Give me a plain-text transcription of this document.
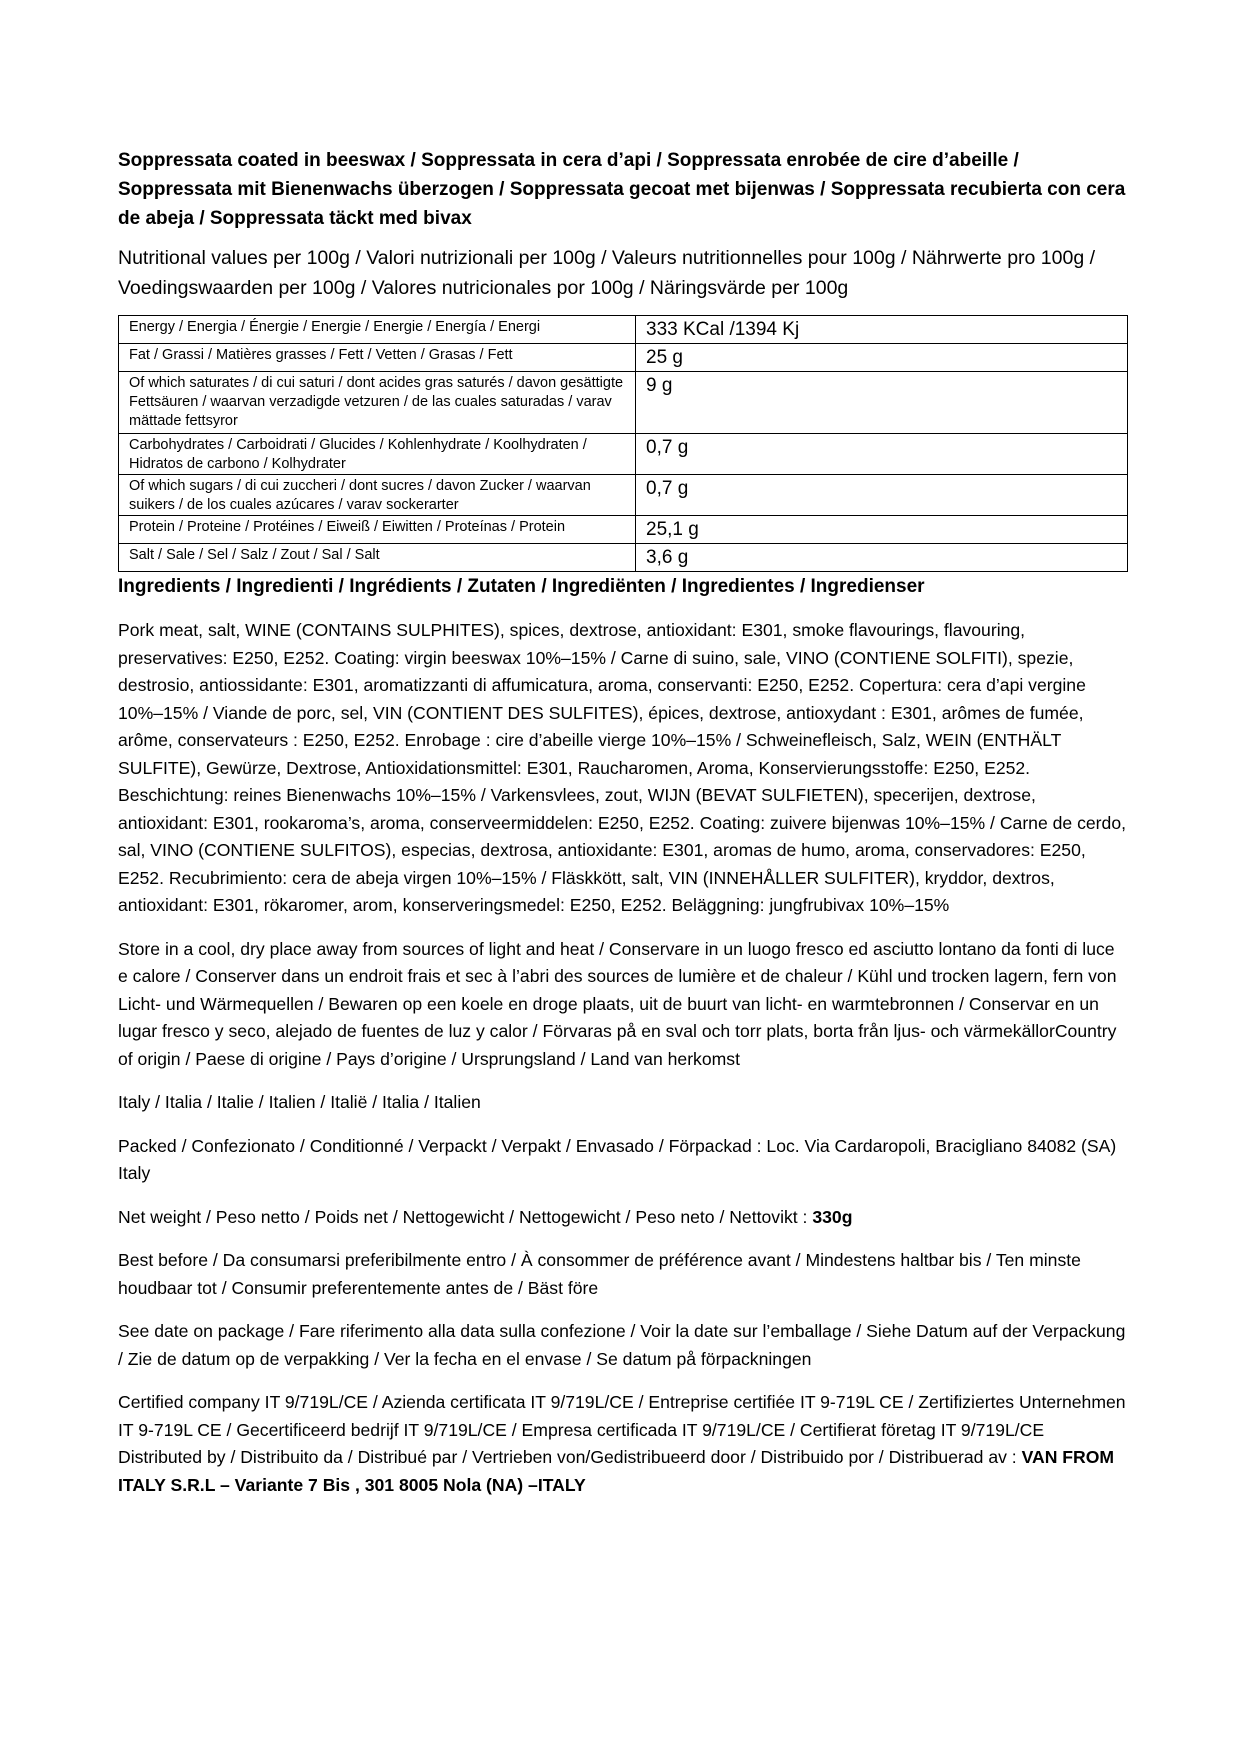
Soppressata coated in beeswax / Soppressata in cera d’api / Soppressata enrobée de cire d’abeille / Soppressata mit Bienenwachs überzogen / Soppressata gecoat met bijenwas / Soppressata recubierta con cera de abeja / Soppressata täckt med bivax
Nutritional values per 100g / Valori nutrizionali per 100g / Valeurs nutritionnelles pour 100g / Nährwerte pro 100g / Voedingswaarden per 100g / Valores nutricionales por 100g / Näringsvärde per 100g
Energy / Energia / Énergie / Energie / Energie / Energía / Energi	333 KCal /1394 Kj
Fat / Grassi / Matières grasses / Fett / Vetten / Grasas / Fett	25 g
Of which saturates / di cui saturi / dont acides gras saturés / davon gesättigte Fettsäuren / waarvan verzadigde vetzuren / de las cuales saturadas / varav mättade fettsyror	9 g
Carbohydrates / Carboidrati / Glucides / Kohlenhydrate / Koolhydraten / Hidratos de carbono / Kolhydrater	0,7 g
Of which sugars / di cui zuccheri / dont sucres / davon Zucker / waarvan suikers / de los cuales azúcares / varav sockerarter	0,7 g
Protein / Proteine / Protéines / Eiweiß / Eiwitten / Proteínas / Protein	25,1 g
Salt / Sale / Sel / Salz / Zout / Sal / Salt	3,6 g
Ingredients / Ingredienti / Ingrédients / Zutaten / Ingrediënten / Ingredientes / Ingredienser

Pork meat, salt, WINE (CONTAINS SULPHITES), spices, dextrose, antioxidant: E301, smoke flavourings, flavouring, preservatives: E250, E252. Coating: virgin beeswax 10%–15% / Carne di suino, sale, VINO (CONTIENE SOLFITI), spezie, destrosio, antiossidante: E301, aromatizzanti di affumicatura, aroma, conservanti: E250, E252. Copertura: cera d’api vergine 10%–15% / Viande de porc, sel, VIN (CONTIENT DES SULFITES), épices, dextrose, antioxydant : E301, arômes de fumée, arôme, conservateurs : E250, E252. Enrobage : cire d’abeille vierge 10%–15% / Schweinefleisch, Salz, WEIN (ENTHÄLT SULFITE), Gewürze, Dextrose, Antioxidationsmittel: E301, Raucharomen, Aroma, Konservierungsstoffe: E250, E252. Beschichtung: reines Bienenwachs 10%–15% / Varkensvlees, zout, WIJN (BEVAT SULFIETEN), specerijen, dextrose, antioxidant: E301, rookaroma’s, aroma, conserveermiddelen: E250, E252. Coating: zuivere bijenwas 10%–15% / Carne de cerdo, sal, VINO (CONTIENE SULFITOS), especias, dextrosa, antioxidante: E301, aromas de humo, aroma, conservadores: E250, E252. Recubrimiento: cera de abeja virgen 10%–15% / Fläskkött, salt, VIN (INNEHÅLLER SULFITER), kryddor, dextros, antioxidant: E301, rökaromer, arom, konserveringsmedel: E250, E252. Beläggning: jungfrubivax 10%–15%

Store in a cool, dry place away from sources of light and heat / Conservare in un luogo fresco ed asciutto lontano da fonti di luce e calore / Conserver dans un endroit frais et sec à l’abri des sources de lumière et de chaleur / Kühl und trocken lagern, fern von Licht- und Wärmequellen / Bewaren op een koele en droge plaats, uit de buurt van licht- en warmtebronnen / Conservar en un lugar fresco y seco, alejado de fuentes de luz y calor / Förvaras på en sval och torr plats, borta från ljus- och värmekällorCountry of origin / Paese di origine / Pays d’origine / Ursprungsland / Land van herkomst

Italy / Italia / Italie / Italien / Italië / Italia / Italien

Packed / Confezionato / Conditionné / Verpackt / Verpakt / Envasado / Förpackad : Loc. Via Cardaropoli, Bracigliano 84082 (SA) Italy

Net weight / Peso netto / Poids net / Nettogewicht / Nettogewicht / Peso neto / Nettovikt : 330g

Best before / Da consumarsi preferibilmente entro / À consommer de préférence avant / Mindestens haltbar bis / Ten minste houdbaar tot / Consumir preferentemente antes de / Bäst före

See date on package / Fare riferimento alla data sulla confezione / Voir la date sur l’emballage / Siehe Datum auf der Verpackung / Zie de datum op de verpakking / Ver la fecha en el envase / Se datum på förpackningen

Certified company IT 9/719L/CE / Azienda certificata IT 9/719L/CE / Entreprise certifiée IT 9-719L CE / Zertifiziertes Unternehmen IT 9-719L CE / Gecertificeerd bedrijf IT 9/719L/CE / Empresa certificada IT 9/719L/CE / Certifierat företag IT 9/719L/CE Distributed by / Distribuito da / Distribué par / Vertrieben von/Gedistribueerd door / Distribuido por / Distribuerad av : VAN FROM ITALY S.R.L – Variante 7 Bis , 301 8005 Nola (NA) –ITALY
